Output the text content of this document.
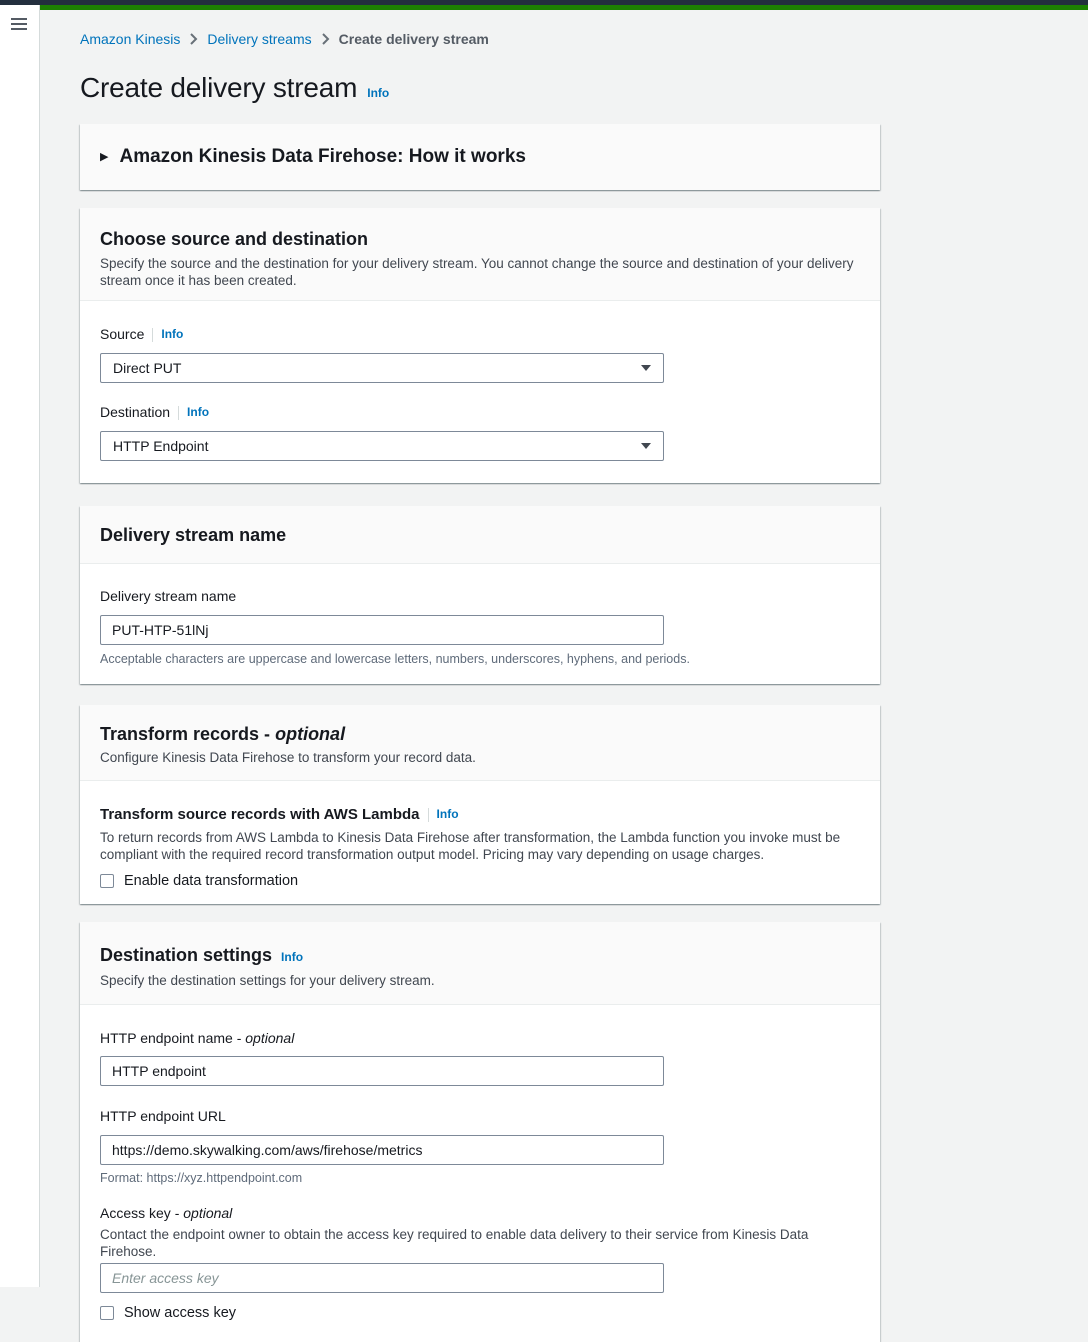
Amazon Kinesis Delivery streams Create delivery stream
Create delivery stream Info
▶ Amazon Kinesis Data Firehose: How it works
Choose source and destination
Specify the source and the destination for your delivery stream. You cannot change the source and destination of your delivery stream once it has been created.
Source Info
Direct PUT
Destination Info
HTTP Endpoint
Delivery stream name
Delivery stream name
PUT-HTP-51lNj
Acceptable characters are uppercase and lowercase letters, numbers, underscores, hyphens, and periods.
Transform records - optional
Configure Kinesis Data Firehose to transform your record data.
Transform source records with AWS Lambda Info
To return records from AWS Lambda to Kinesis Data Firehose after transformation, the Lambda function you invoke must be compliant with the required record transformation output model. Pricing may vary depending on usage charges.
Enable data transformation
Destination settings Info
Specify the destination settings for your delivery stream.
HTTP endpoint name - optional
HTTP endpoint
HTTP endpoint URL
https://demo.skywalking.com/aws/firehose/metrics
Format: https://xyz.httpendpoint.com
Access key - optional
Contact the endpoint owner to obtain the access key required to enable data delivery to their service from Kinesis Data Firehose.
Enter access key
Show access key
